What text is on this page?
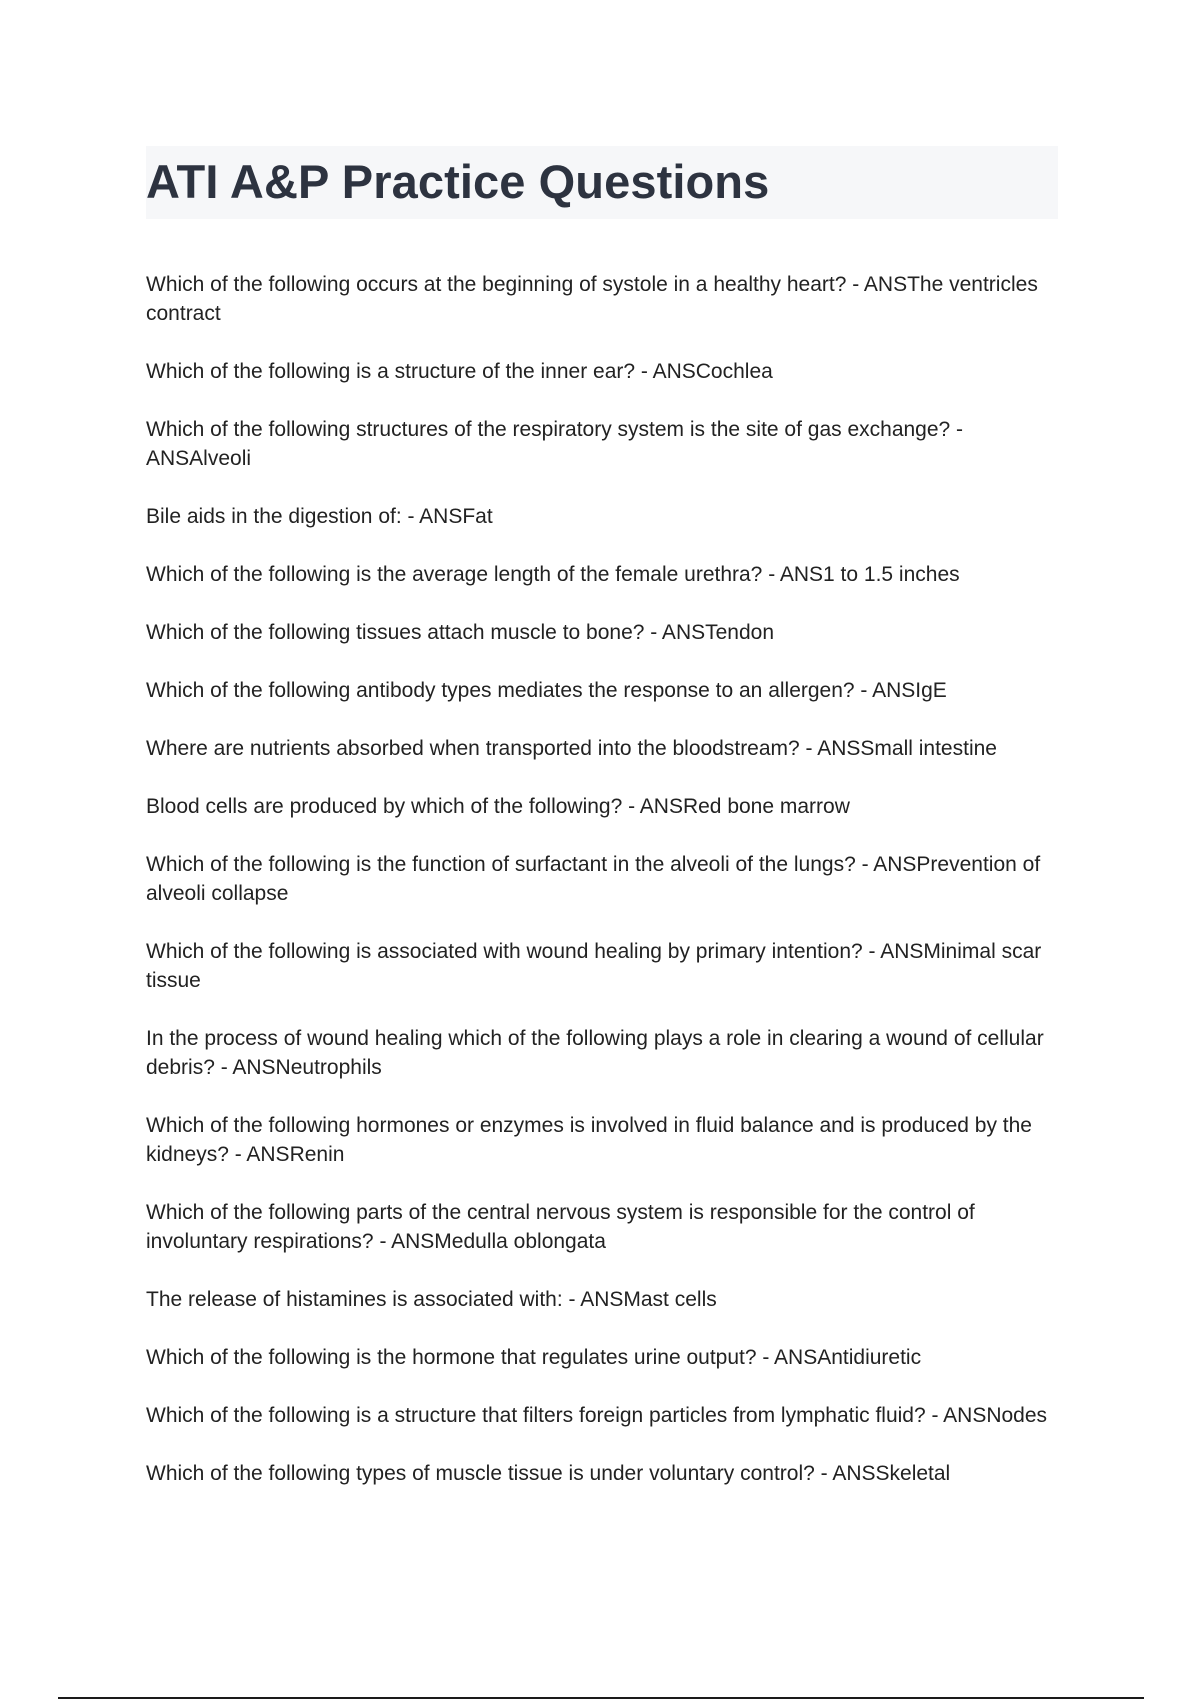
ATI A&P Practice Questions
Which of the following occurs at the beginning of systole in a healthy heart? - ANSThe ventricles contract
Which of the following is a structure of the inner ear? - ANSCochlea
Which of the following structures of the respiratory system is the site of gas exchange? - ANSAlveoli
Bile aids in the digestion of: - ANSFat
Which of the following is the average length of the female urethra? - ANS1 to 1.5 inches
Which of the following tissues attach muscle to bone? - ANSTendon
Which of the following antibody types mediates the response to an allergen? - ANSIgE
Where are nutrients absorbed when transported into the bloodstream? - ANSSmall intestine
Blood cells are produced by which of the following? - ANSRed bone marrow
Which of the following is the function of surfactant in the alveoli of the lungs? - ANSPrevention of alveoli collapse
Which of the following is associated with wound healing by primary intention? - ANSMinimal scar tissue
In the process of wound healing which of the following plays a role in clearing a wound of cellular debris? - ANSNeutrophils
Which of the following hormones or enzymes is involved in fluid balance and is produced by the kidneys? - ANSRenin
Which of the following parts of the central nervous system is responsible for the control of involuntary respirations? - ANSMedulla oblongata
The release of histamines is associated with: - ANSMast cells
Which of the following is the hormone that regulates urine output? - ANSAntidiuretic
Which of the following is a structure that filters foreign particles from lymphatic fluid? - ANSNodes
Which of the following types of muscle tissue is under voluntary control? - ANSSkeletal
